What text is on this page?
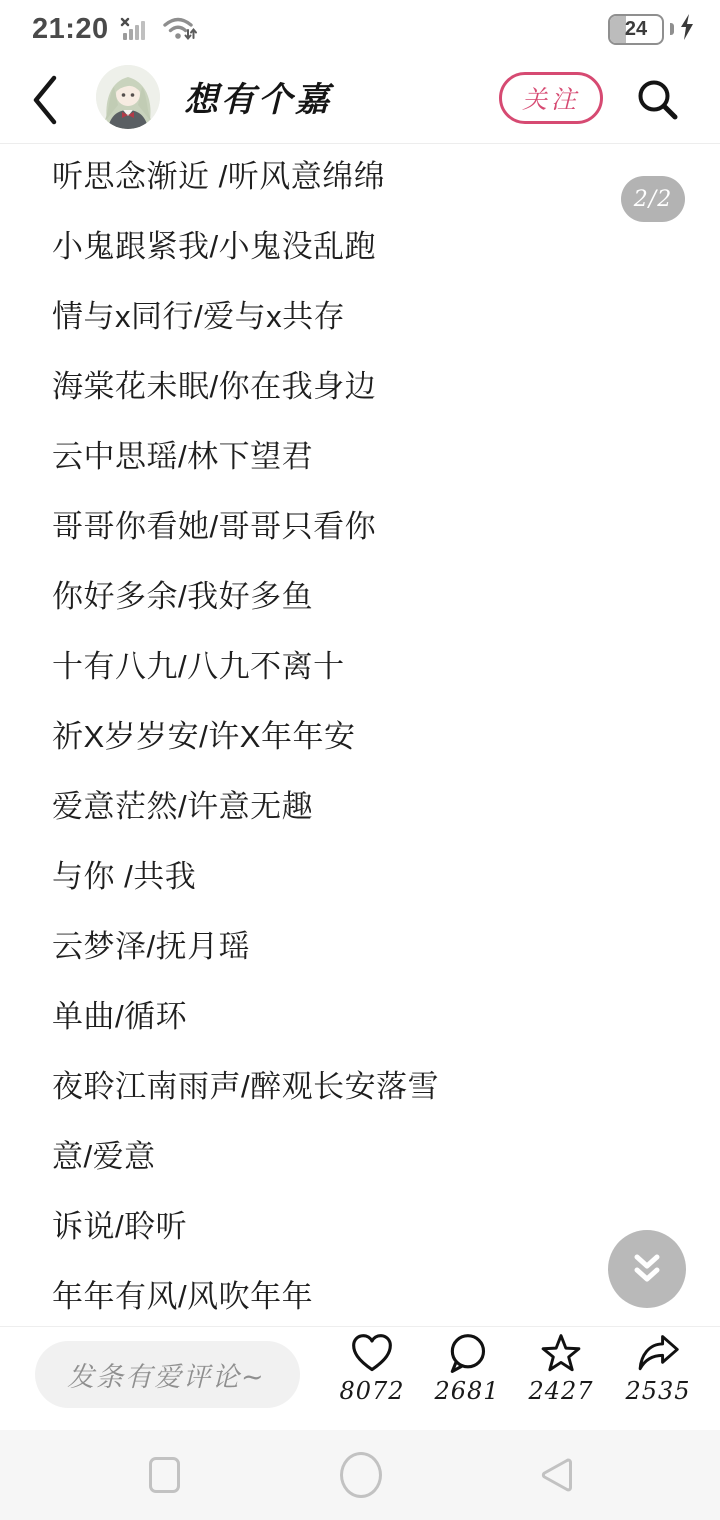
21:20	24
想有个嘉	关注
听思念渐近 /听风意绵绵
小鬼跟紧我/小鬼没乱跑
情与x同行/爱与x共存
海棠花未眠/你在我身边
云中思瑶/林下望君
哥哥你看她/哥哥只看你
你好多余/我好多鱼
十有八九/八九不离十
祈X岁岁安/许X年年安
爱意茫然/许意无趣
与你 /共我
云梦泽/抚月瑶
单曲/循环
夜聆江南雨声/醉观长安落雪
意/爱意
诉说/聆听
年年有风/风吹年年
2/2
发条有爱评论~	8072 2681 2427 2535
